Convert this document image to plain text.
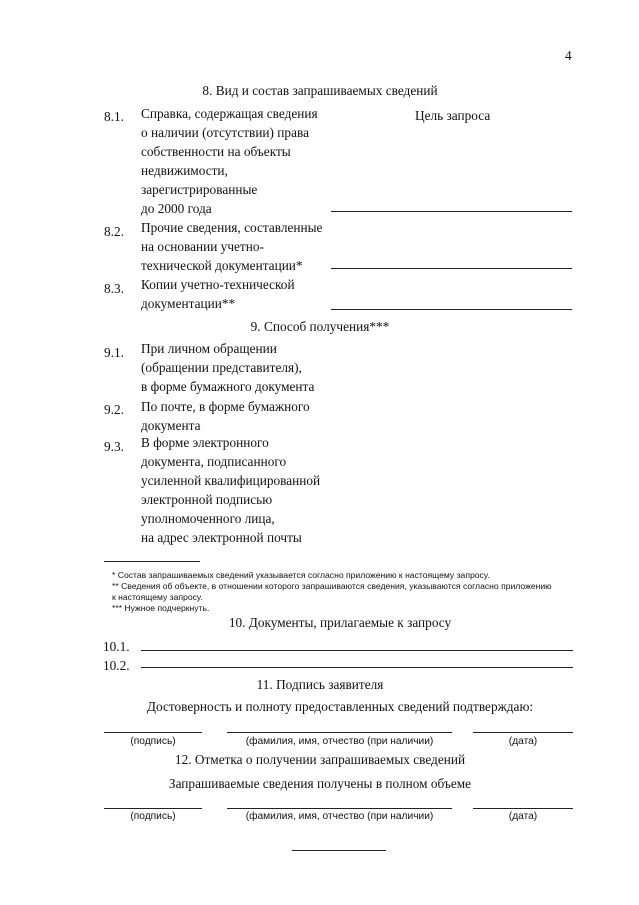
4
8. Вид и состав запрашиваемых сведений
Цель запроса
8.1.	Справка, содержащая сведения
о наличии (отсутствии) права
собственности на объекты
недвижимости,
зарегистрированные
до 2000 года
8.2.	Прочие сведения, составленные
на основании учетно-
технической документации*
8.3.	Копии учетно-технической
документации**
9. Способ получения***
9.1.	При личном обращении
(обращении представителя),
в форме бумажного документа
9.2.	По почте, в форме бумажного
документа
9.3.	В форме электронного
документа, подписанного
усиленной квалифицированной
электронной подписью
уполномоченного лица,
на адрес электронной почты
* Состав запрашиваемых сведений указывается согласно приложению к настоящему запросу.
** Сведения об объекте, в отношении которого запрашиваются сведения, указываются согласно приложению
к настоящему запросу.
*** Нужное подчеркнуть.
10. Документы, прилагаемые к запросу
10.1.
10.2.
11. Подпись заявителя
Достоверность и полноту предоставленных сведений подтверждаю:
(подпись)	(фамилия, имя, отчество (при наличии)	(дата)
12. Отметка о получении запрашиваемых сведений
Запрашиваемые сведения получены в полном объеме
(подпись)	(фамилия, имя, отчество (при наличии)	(дата)
